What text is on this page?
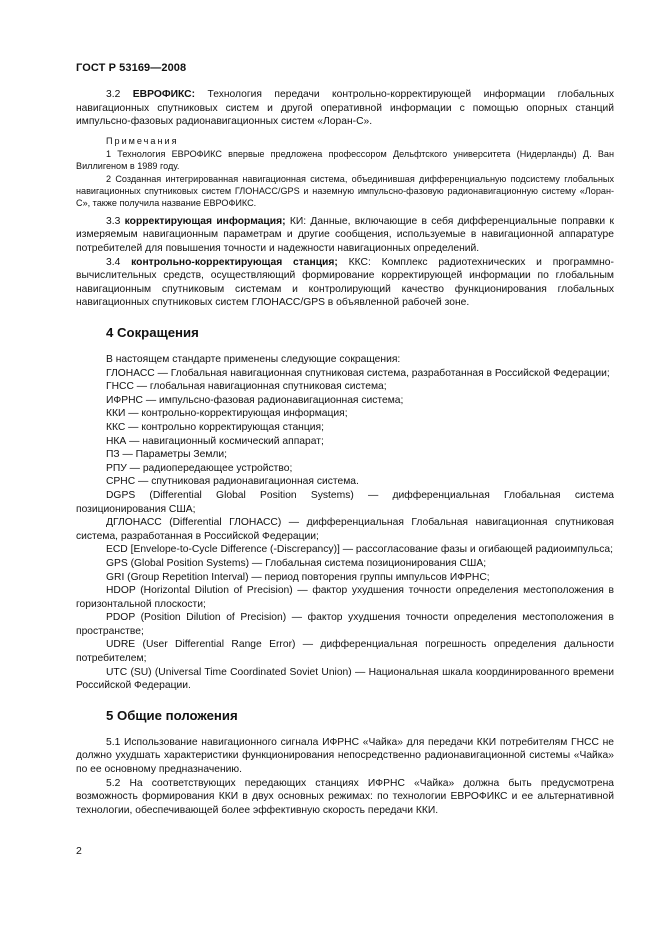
ГОСТ Р 53169—2008

3.2 ЕВРОФИКС: Технология передачи контрольно-корректирующей информации глобальных навигационных спутниковых систем и другой оперативной информации с помощью опорных станций импульсно-фазовых радионавигационных систем «Лоран-С».

Примечания

1 Технология ЕВРОФИКС впервые предложена профессором Дельфтского университета (Нидерланды) Д. Ван Виллигеном в 1989 году.

2 Созданная интегрированная навигационная система, объединившая дифференциальную подсистему глобальных навигационных спутниковых систем ГЛОНАСС/GPS и наземную импульсно-фазовую радионавигационную систему «Лоран-С», также получила название ЕВРОФИКС.

3.3 корректирующая информация; КИ: Данные, включающие в себя дифференциальные поправки к измеряемым навигационным параметрам и другие сообщения, используемые в навигационной аппаратуре потребителей для повышения точности и надежности навигационных определений.

3.4 контрольно-корректирующая станция; ККС: Комплекс радиотехнических и программно-вычислительных средств, осуществляющий формирование корректирующей информации по глобальным навигационным спутниковым системам и контролирующий качество функционирования глобальных навигационных спутниковых систем ГЛОНАСС/GPS в объявленной рабочей зоне.

4 Сокращения

В настоящем стандарте применены следующие сокращения:

ГЛОНАСС — Глобальная навигационная спутниковая система, разработанная в Российской Федерации;

ГНСС — глобальная навигационная спутниковая система;

ИФРНС — импульсно-фазовая радионавигационная система;

ККИ — контрольно-корректирующая информация;

ККС — контрольно корректирующая станция;

НКА — навигационный космический аппарат;

ПЗ — Параметры Земли;

РПУ — радиопередающее устройство;

СРНС — спутниковая радионавигационная система.

DGPS (Differential Global Position Systems) — дифференциальная Глобальная система позиционирования США;

ДГЛОНАСС (Differential ГЛОНАСС) — дифференциальная Глобальная навигационная спутниковая система, разработанная в Российской Федерации;

ECD [Envelope-to-Cycle Difference (-Discrepancy)] — рассогласование фазы и огибающей радиоимпульса;

GPS (Global Position Systems) — Глобальная система позиционирования США;

GRI (Group Repetition Interval) — период повторения группы импульсов ИФРНС;

HDOP (Horizontal Dilution of Precision) — фактор ухудшения точности определения местоположения в горизонтальной плоскости;

PDOP (Position Dilution of Precision) — фактор ухудшения точности определения местоположения в пространстве;

UDRE (User Differential Range Error) — дифференциальная погрешность определения дальности потребителем;

UTC (SU) (Universal Time Coordinated Soviet Union) — Национальная шкала координированного времени Российской Федерации.

5 Общие положения

5.1 Использование навигационного сигнала ИФРНС «Чайка» для передачи ККИ потребителям ГНСС не должно ухудшать характеристики функционирования непосредственно радионавигационной системы «Чайка» по ее основному предназначению.

5.2 На соответствующих передающих станциях ИФРНС «Чайка» должна быть предусмотрена возможность формирования ККИ в двух основных режимах: по технологии ЕВРОФИКС и ее альтернативной технологии, обеспечивающей более эффективную скорость передачи ККИ.

2
